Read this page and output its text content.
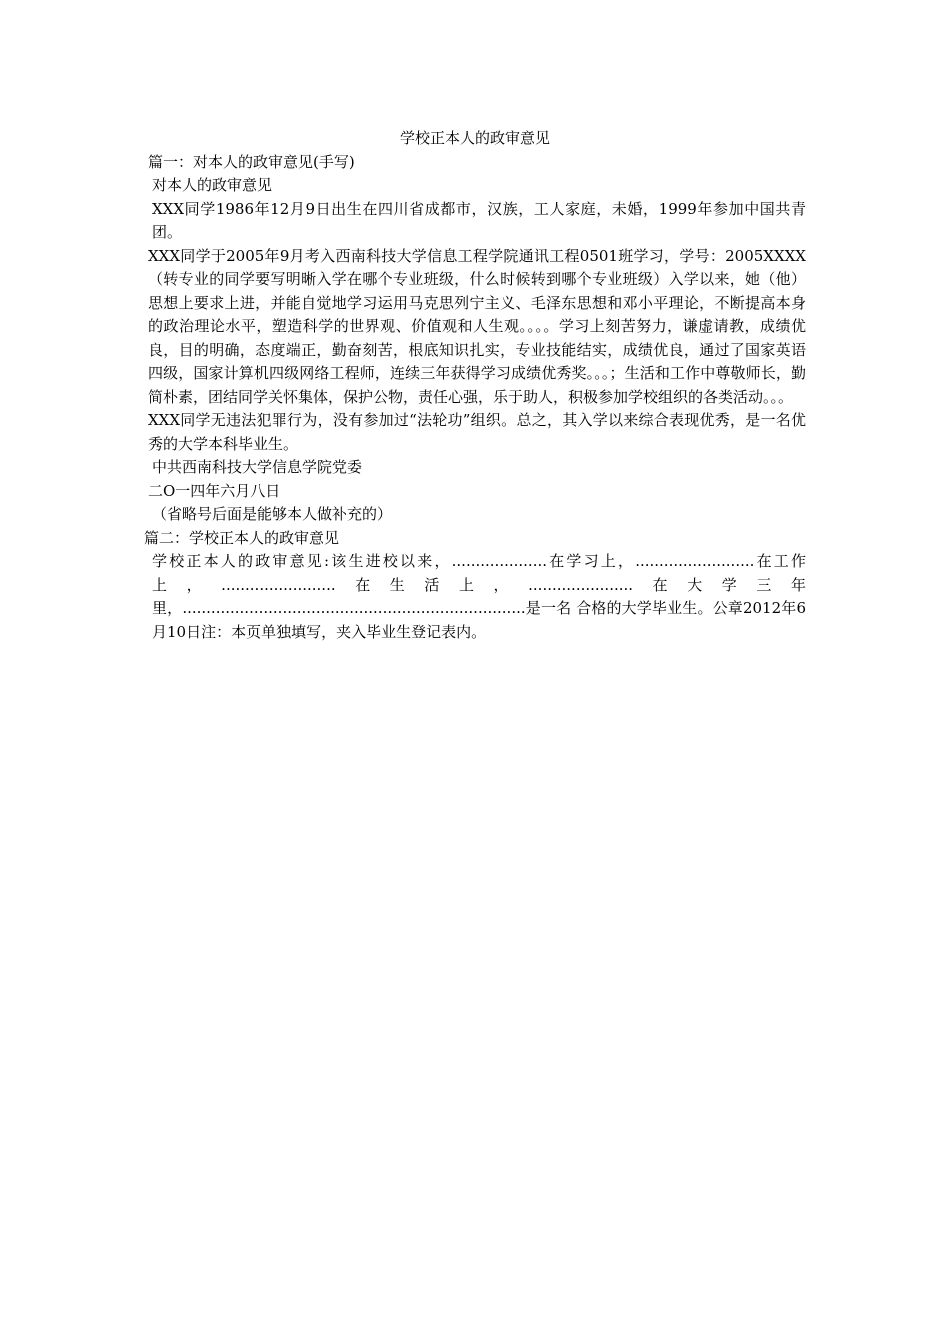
学校正本人的政审意见

篇一：对本人的政审意见(手写)

对本人的政审意见

XXX同学1986年12月9日出生在四川省成都市，汉族，工人家庭，未婚，1999年参加中国共青团。

XXX同学于2005年9月考入西南科技大学信息工程学院通讯工程0501班学习，学号：2005XXXX（转专业的同学要写明晰入学在哪个专业班级，什么时候转到哪个专业班级）入学以来，她（他）思想上要求上进，并能自觉地学习运用马克思列宁主义、毛泽东思想和邓小平理论，不断提高本身的政治理论水平，塑造科学的世界观、价值观和人生观。。。。学习上刻苦努力，谦虚请教，成绩优良，目的明确，态度端正，勤奋刻苦，根底知识扎实，专业技能结实，成绩优良，通过了国家英语四级，国家计算机四级网络工程师，连续三年获得学习成绩优秀奖。。。；生活和工作中尊敬师长，勤简朴素，团结同学关怀集体，保护公物，责任心强，乐于助人，积极参加学校组织的各类活动。。。

XXX同学无违法犯罪行为，没有参加过“法轮功”组织。总之，其入学以来综合表现优秀，是一名优秀的大学本科毕业生。

中共西南科技大学信息学院党委

二O一四年六月八日

（省略号后面是能够本人做补充的）

篇二：学校正本人的政审意见

学校正本人的政审意见:该生进校以来，....................在学习上，.........................在工作上，........................在生活上，......................在大学三年里，........................................................................是一名 合格的大学毕业生。公章2012年6月10日注：本页单独填写，夹入毕业生登记表内。
